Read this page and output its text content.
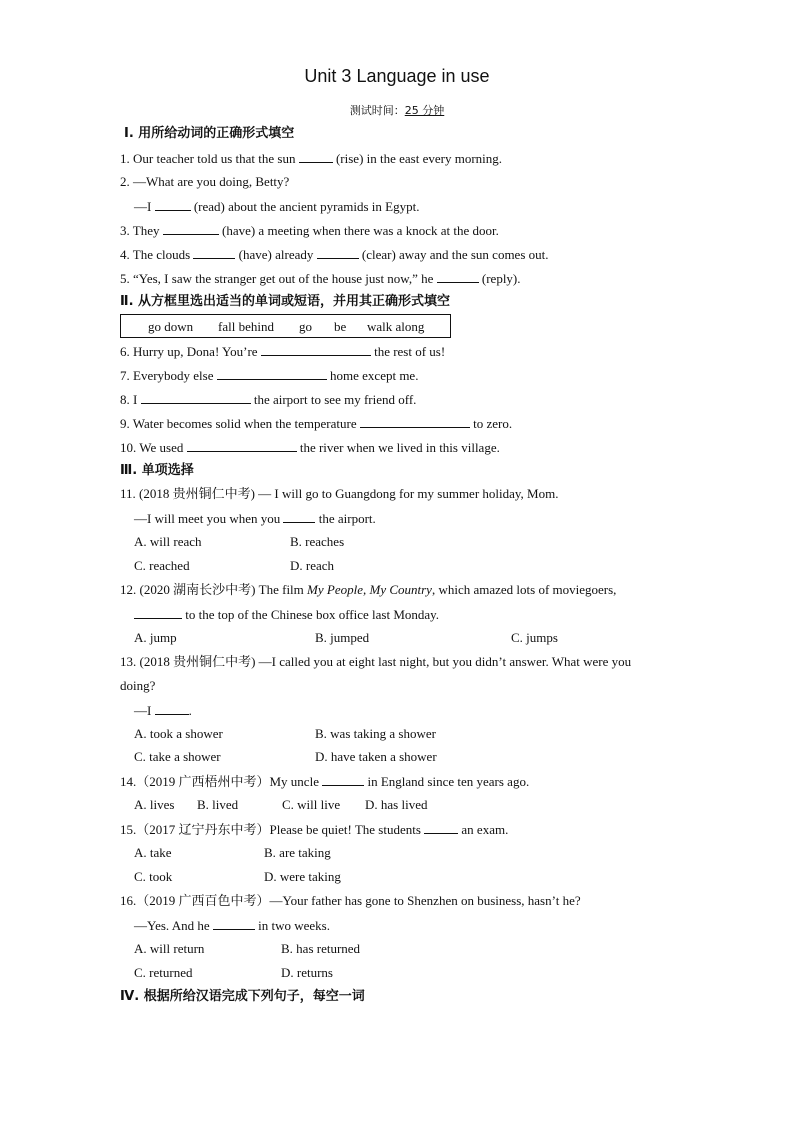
Unit 3 Language in use
测试时间：25 分钟
Ⅰ. 用所给动词的正确形式填空
1. Our teacher told us that the sun	(rise) in the east every morning.
2. —What are you doing, Betty?
—I	(read) about the ancient pyramids in Egypt.
3. They	(have) a meeting when there was a knock at the door.
4. The clouds	(have) already	(clear) away and the sun comes out.
5. “Yes, I saw the stranger get out of the house just now,” he	(reply).
Ⅱ. 从方框里选出适当的单词或短语，并用其正确形式填空
go down fall behind go be walk along
6. Hurry up, Dona! You’re	the rest of us!
7. Everybody else	home except me.
8. I	the airport to see my friend off.
9. Water becomes solid when the temperature	to zero.
10. We used	the river when we lived in this village.
Ⅲ. 单项选择
11. (2018 贵州铜仁中考) — I will go to Guangdong for my summer holiday, Mom.
—I will meet you when you  the airport.
A. will reach	B. reaches
C. reached	D. reach
12. (2020 湖南长沙中考) The film My People, My Country, which amazed lots of moviegoers,
to the top of the Chinese box office last Monday.
A. jump	B. jumped	C. jumps
13. (2018 贵州铜仁中考) —I called you at eight last night, but you didn’t answer. What were you
doing?
—I	.
A. took a shower	B. was taking a shower
C. take a shower	D. have taken a shower
14.（2019 广西梧州中考）My uncle	in England since ten years ago.
A. lives B. lived	C. will live D. has lived
15.（2017 辽宁丹东中考）Please be quiet! The students	an exam.
A. take	B. are taking
C. took	D. were taking
16.（2019 广西百色中考）—Your father has gone to Shenzhen on business, hasn’t he?
—Yes. And he	in two weeks.
A. will return	B. has returned
C. returned	D. returns
Ⅳ. 根据所给汉语完成下列句子，每空一词
